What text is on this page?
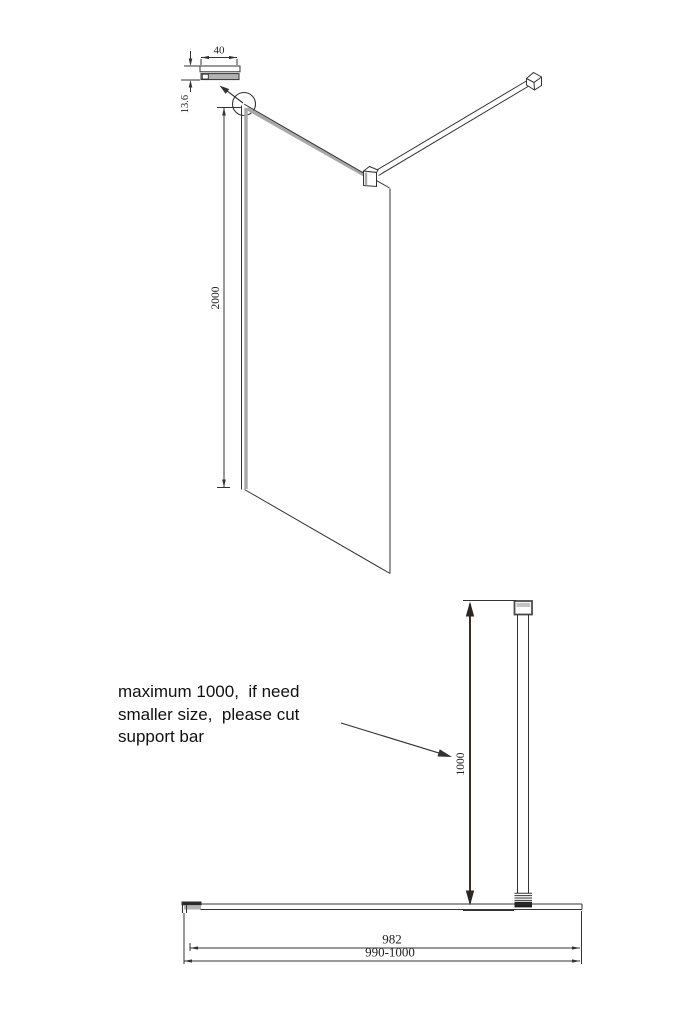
40
13.6
2000
1000
982
990-1000
maximum 1000,  if need
smaller size,  please cut
support bar
